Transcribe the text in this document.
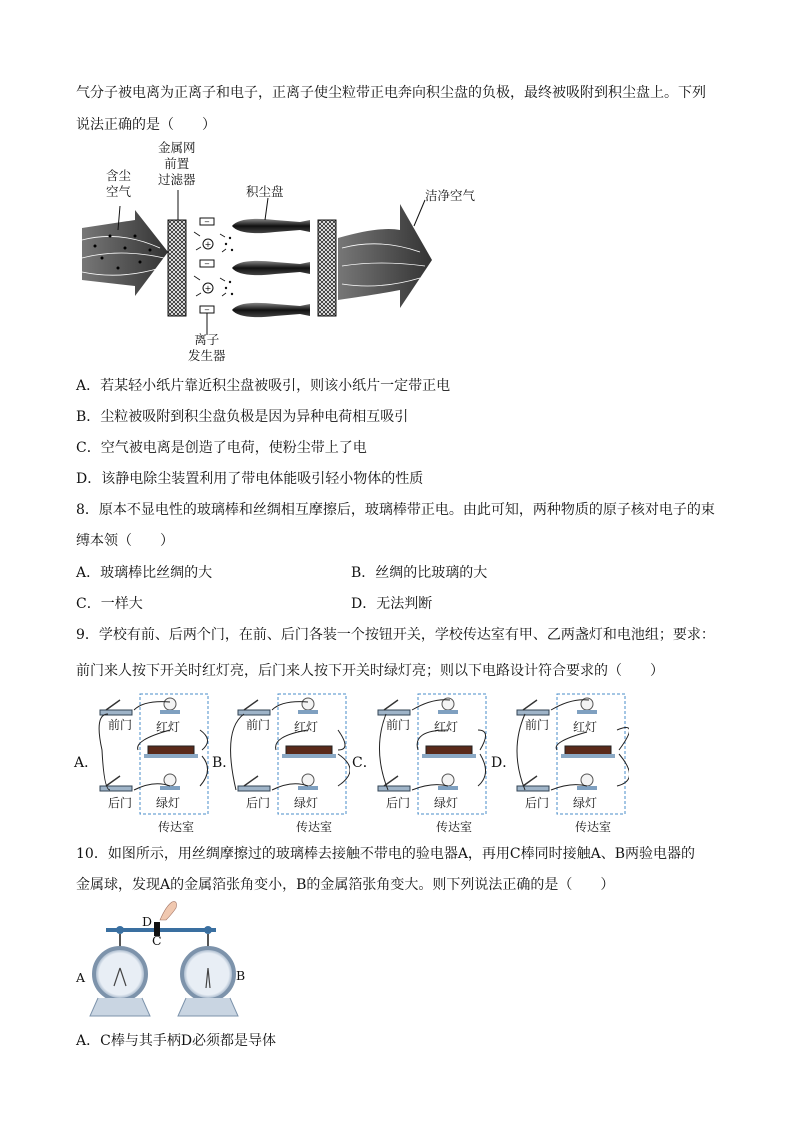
气分子被电离为正离子和电子，正离子使尘粒带正电奔向积尘盘的负极，最终被吸附到积尘盘上。下列
说法正确的是（　　）
−
−
−
+
+
含尘
空气
金属网
前置
过滤器
积尘盘	洁净空气
离子
发生器
A．若某轻小纸片靠近积尘盘被吸引，则该小纸片一定带正电
B．尘粒被吸附到积尘盘负极是因为异种电荷相互吸引
C．空气被电离是创造了电荷，使粉尘带上了电
D．该静电除尘装置利用了带电体能吸引轻小物体的性质
8．原本不显电性的玻璃棒和丝绸相互摩擦后，玻璃棒带正电。由此可知，两种物质的原子核对电子的束
缚本领（　　）
A．玻璃棒比丝绸的大	B．丝绸的比玻璃的大
C．一样大	D．无法判断
9．学校有前、后两个门，在前、后门各装一个按钮开关，学校传达室有甲、乙两盏灯和电池组；要求：
前门来人按下开关时红灯亮，后门来人按下开关时绿灯亮；则以下电路设计符合要求的（　　）
A．
前门
后门
红灯
绿灯
传达室
B．
前门
后门
红灯
绿灯
传达室
C．
前门
后门
红灯
绿灯
传达室
D．
前门
后门
红灯
绿灯
传达室
10．如图所示，用丝绸摩擦过的玻璃棒去接触不带电的验电器A，再用C棒同时接触A、B两验电器的
金属球，发现A的金属箔张角变小，B的金属箔张角变大。则下列说法正确的是（　　）
D
C
A	B
A．C棒与其手柄D必须都是导体
